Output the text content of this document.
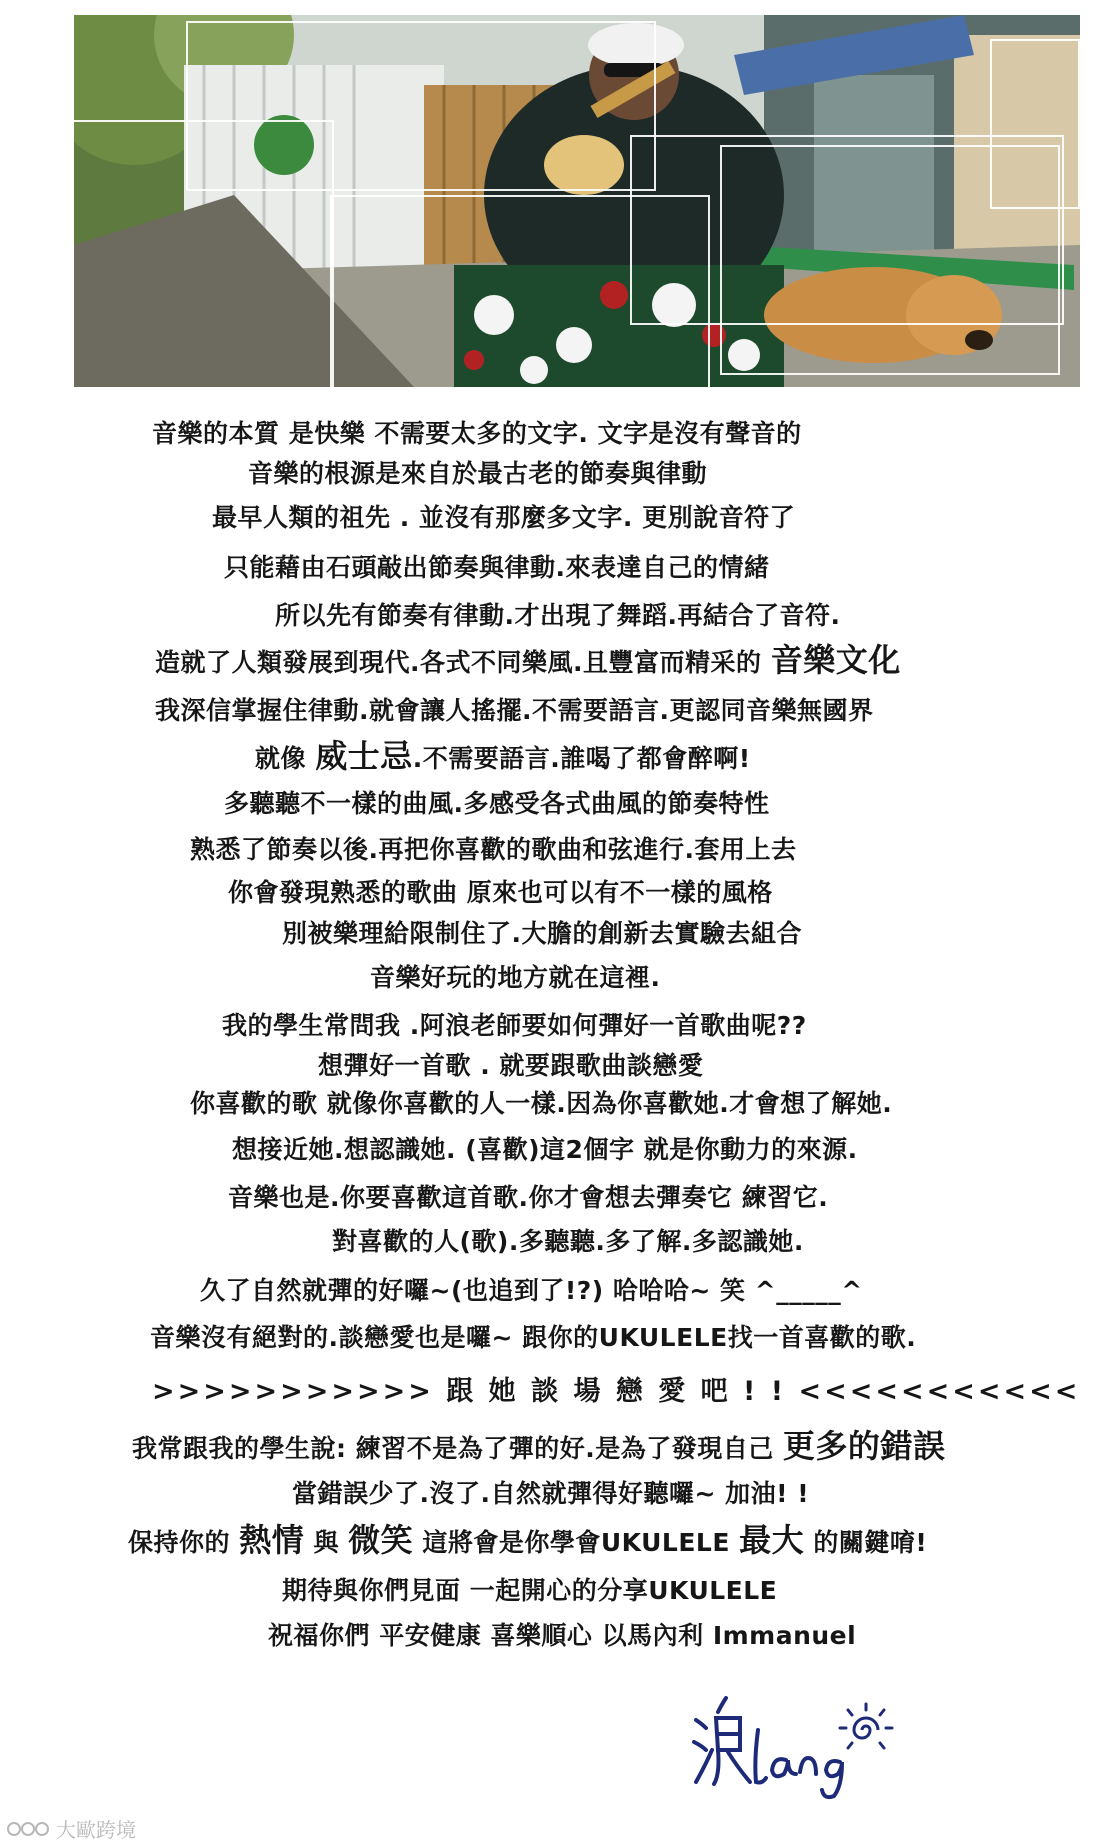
音樂的本質 是快樂 不需要太多的文字. 文字是沒有聲音的
音樂的根源是來自於最古老的節奏與律動
最早人類的祖先 . 並沒有那麼多文字. 更別說音符了
只能藉由石頭敲出節奏與律動.來表達自己的情緒
所以先有節奏有律動.才出現了舞蹈.再結合了音符.
造就了人類發展到現代.各式不同樂風.且豐富而精采的 音樂文化
我深信掌握住律動.就會讓人搖擺.不需要語言.更認同音樂無國界
就像 威士忌.不需要語言.誰喝了都會醉啊!
多聽聽不一樣的曲風.多感受各式曲風的節奏特性
熟悉了節奏以後.再把你喜歡的歌曲和弦進行.套用上去
你會發現熟悉的歌曲 原來也可以有不一樣的風格
別被樂理給限制住了.大膽的創新去實驗去組合
音樂好玩的地方就在這裡.
我的學生常問我 .阿浪老師要如何彈好一首歌曲呢??
想彈好一首歌 . 就要跟歌曲談戀愛
你喜歡的歌 就像你喜歡的人一樣.因為你喜歡她.才會想了解她.
想接近她.想認識她. (喜歡)這2個字 就是你動力的來源.
音樂也是.你要喜歡這首歌.你才會想去彈奏它 練習它.
對喜歡的人(歌).多聽聽.多了解.多認識她.
久了自然就彈的好囉~(也追到了!?) 哈哈哈~ 笑 ^_____^
音樂沒有絕對的.談戀愛也是囉~ 跟你的UKULELE找一首喜歡的歌.
>>>>>>>>>>> 跟 她 談 場 戀 愛 吧 ! ! <<<<<<<<<<<
我常跟我的學生說: 練習不是為了彈的好.是為了發現自己 更多的錯誤
當錯誤少了.沒了.自然就彈得好聽囉~ 加油! !
保持你的 熱情 與 微笑 這將會是你學會UKULELE 最大 的關鍵唷!
期待與你們見面 一起開心的分享UKULELE
祝福你們 平安健康 喜樂順心 以馬內利 Immanuel
大歐跨境
